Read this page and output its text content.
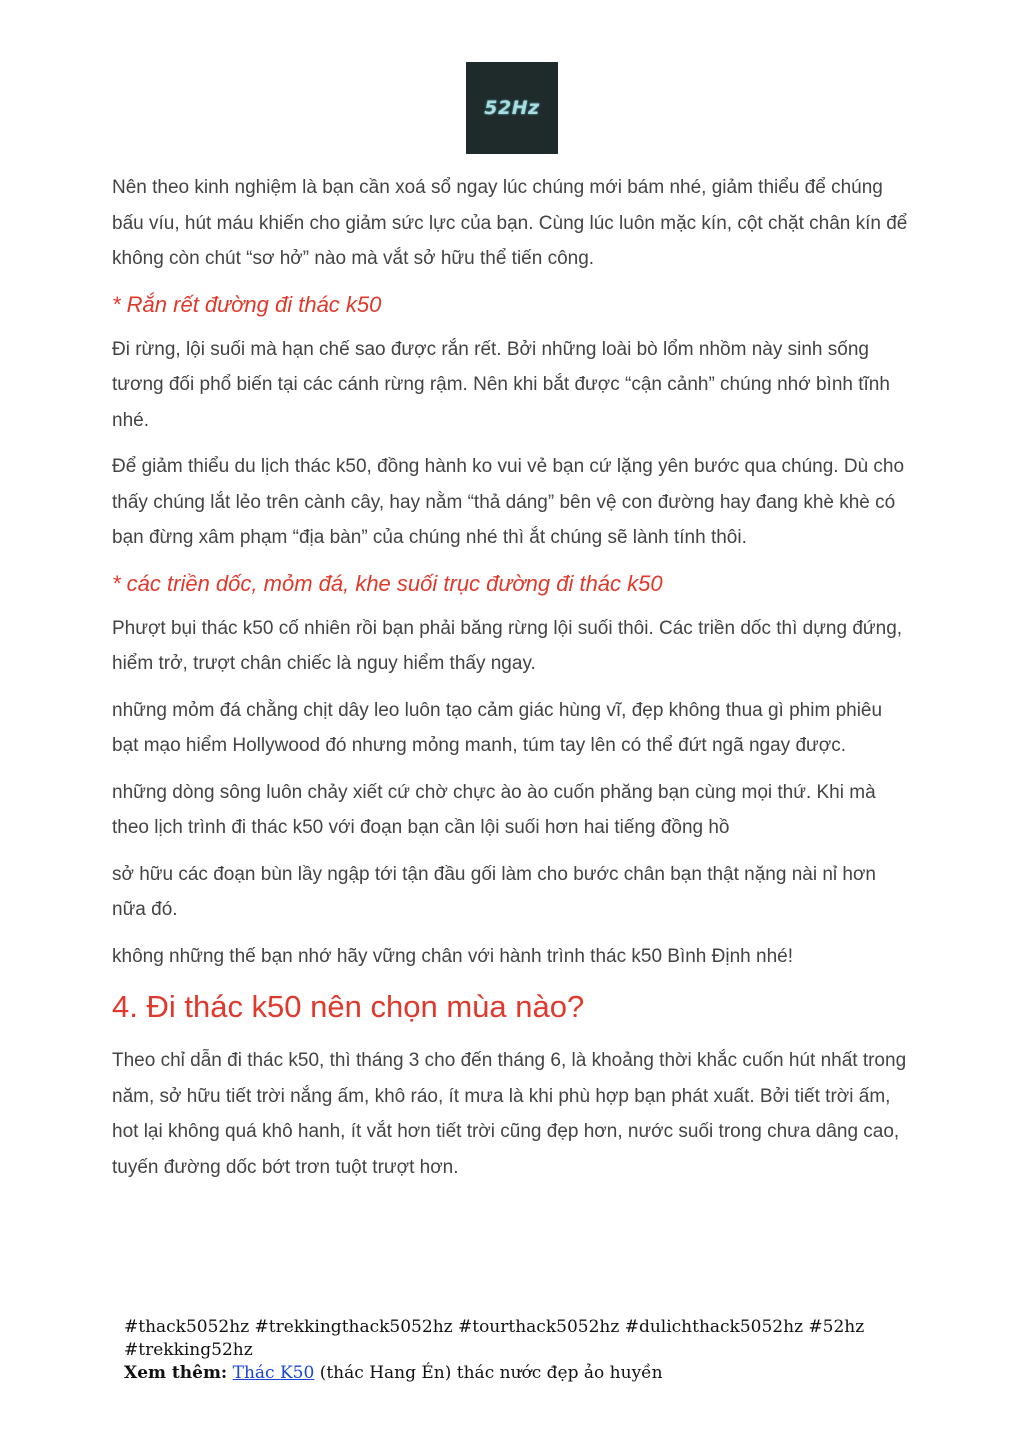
52Hz

Nên theo kinh nghiệm là bạn cần xoá sổ ngay lúc chúng mới bám nhé, giảm thiểu để chúng bấu víu, hút máu khiến cho giảm sức lực của bạn. Cùng lúc luôn mặc kín, cột chặt chân kín để không còn chút “sơ hở” nào mà vắt sở hữu thể tiến công.

* Rắn rết đường đi thác k50

Đi rừng, lội suối mà hạn chế sao được rắn rết. Bởi những loài bò lổm nhồm này sinh sống tương đối phổ biến tại các cánh rừng rậm. Nên khi bắt được “cận cảnh” chúng nhớ bình tĩnh nhé.

Để giảm thiểu du lịch thác k50, đồng hành ko vui vẻ bạn cứ lặng yên bước qua chúng. Dù cho thấy chúng lắt lẻo trên cành cây, hay nằm “thả dáng” bên vệ con đường hay đang khè khè có bạn đừng xâm phạm “địa bàn” của chúng nhé thì ắt chúng sẽ lành tính thôi.

* các triền dốc, mỏm đá, khe suối trục đường đi thác k50

Phượt bụi thác k50 cố nhiên rồi bạn phải băng rừng lội suối thôi. Các triền dốc thì dựng đứng, hiểm trở, trượt chân chiếc là nguy hiểm thấy ngay.

những mỏm đá chằng chịt dây leo luôn tạo cảm giác hùng vĩ, đẹp không thua gì phim phiêu bạt mạo hiểm Hollywood đó nhưng mỏng manh, túm tay lên có thể đứt ngã ngay được.

những dòng sông luôn chảy xiết cứ chờ chực ào ào cuốn phăng bạn cùng mọi thứ. Khi mà theo lịch trình đi thác k50 với đoạn bạn cần lội suối hơn hai tiếng đồng hồ

sở hữu các đoạn bùn lầy ngập tới tận đầu gối làm cho bước chân bạn thật nặng nài nỉ hơn nữa đó.

không những thế bạn nhớ hãy vững chân với hành trình thác k50 Bình Định nhé!

4. Đi thác k50 nên chọn mùa nào?

Theo chỉ dẫn đi thác k50, thì tháng 3 cho đến tháng 6, là khoảng thời khắc cuốn hút nhất trong năm, sở hữu tiết trời nắng ấm, khô ráo, ít mưa là khi phù hợp bạn phát xuất. Bởi tiết trời ấm, hot lại không quá khô hanh, ít vắt hơn tiết trời cũng đẹp hơn, nước suối trong chưa dâng cao, tuyến đường dốc bớt trơn tuột trượt hơn.

#thack5052hz #trekkingthack5052hz #tourthack5052hz #dulichthack5052hz #52hz

#trekking52hz

Xem thêm: Thác K50 (thác Hang Én) thác nước đẹp ảo huyền
